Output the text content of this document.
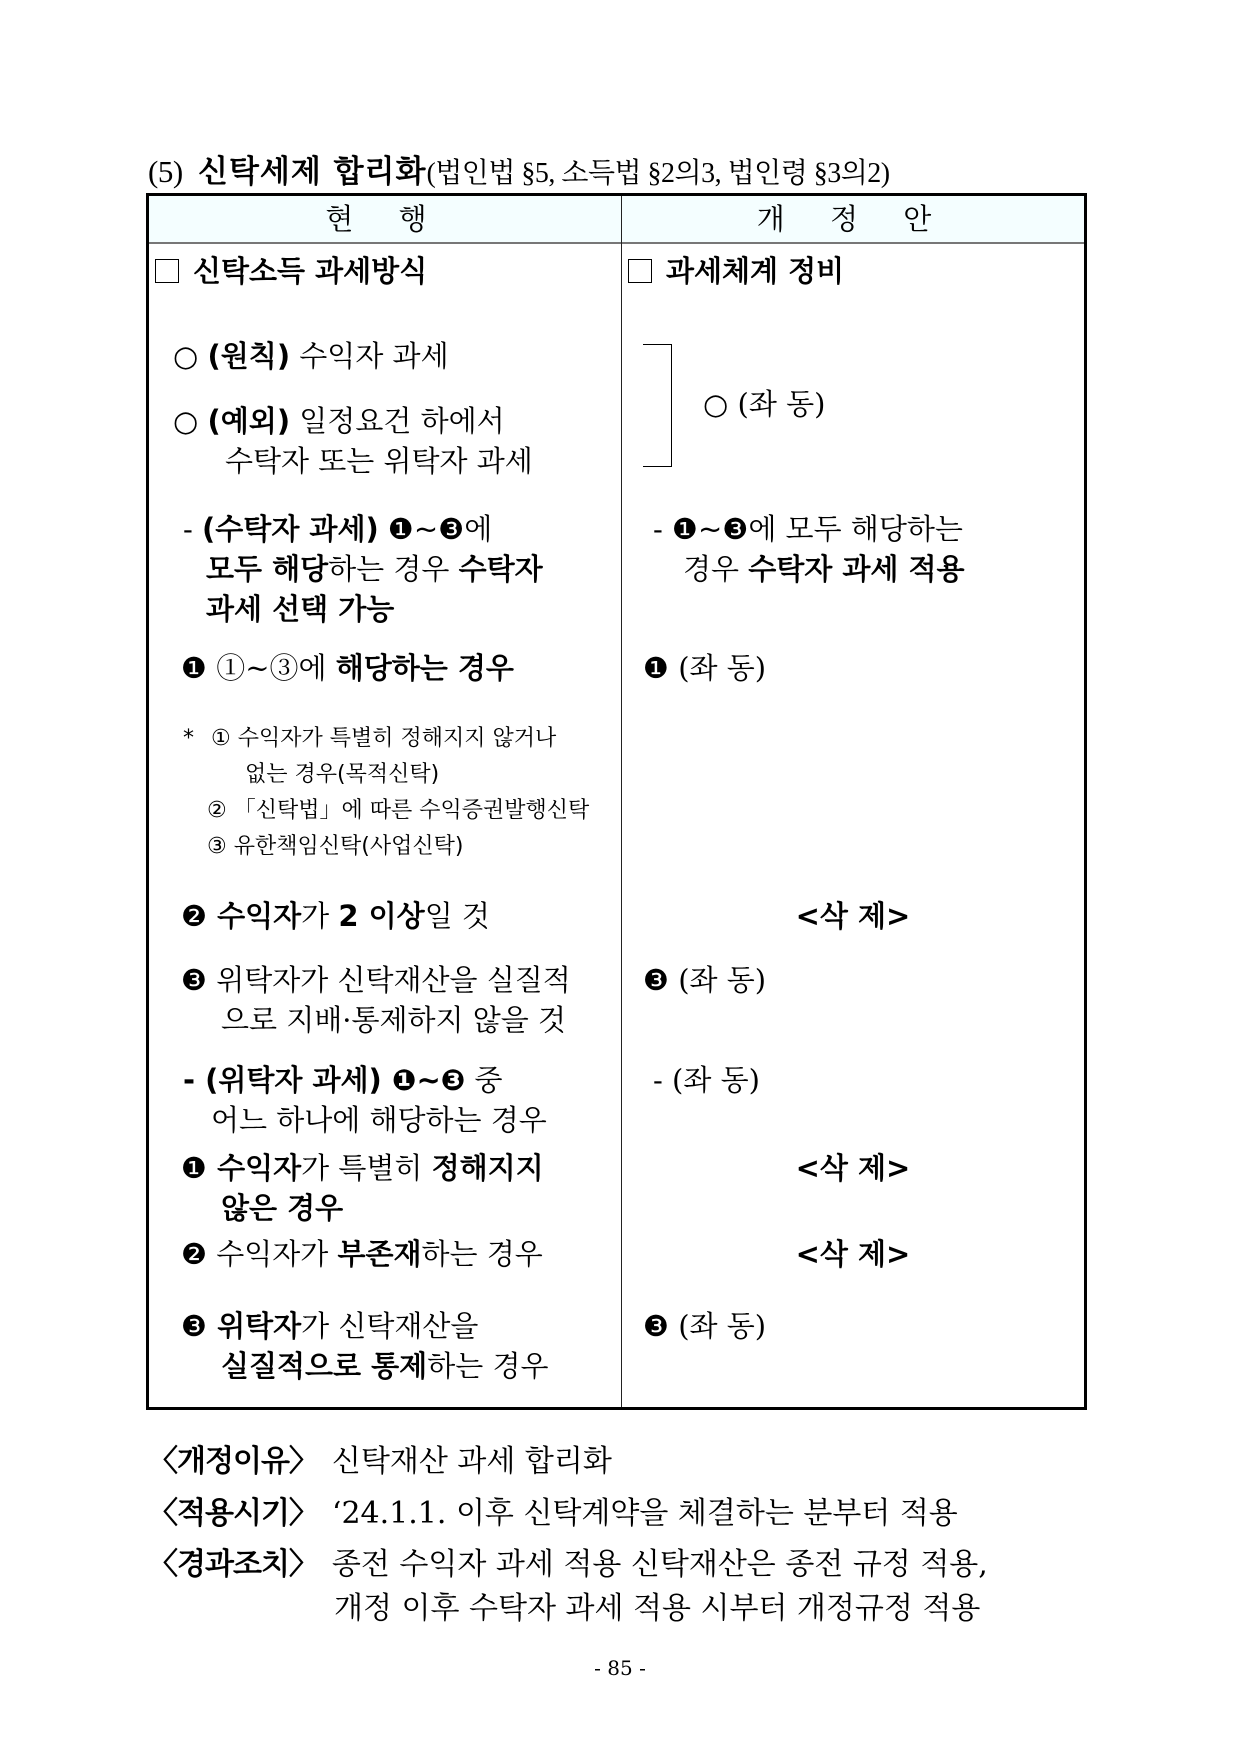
(5) 신탁세제 합리화(법인법 §5, 소득법 §2의3, 법인령 §3의2)
현 행	개 정 안
신탁소득 과세방식
○ (원칙) 수익자 과세
○ (예외) 일정요건 하에서
수탁자 또는 위탁자 과세
- (수탁자 과세) ❶~❸에
모두 해당하는 경우 수탁자
과세 선택 가능
❶ ①~③에 해당하는 경우
* ① 수익자가 특별히 정해지지 않거나
없는 경우(목적신탁)
② 「신탁법」에 따른 수익증권발행신탁
③ 유한책임신탁(사업신탁)
❷ 수익자가 2 이상일 것
❸ 위탁자가 신탁재산을 실질적
으로 지배·통제하지 않을 것
- (위탁자 과세) ❶~❸ 중
어느 하나에 해당하는 경우
❶ 수익자가 특별히 정해지지
않은 경우
❷ 수익자가 부존재하는 경우
❸ 위탁자가 신탁재산을
실질적으로 통제하는 경우
과세체계 정비
○ (좌 동)
- ❶~❸에 모두 해당하는
경우 수탁자 과세 적용
❶ (좌 동)
<삭 제>
❸ (좌 동)
- (좌 동)
<삭 제>
<삭 제>
❸ (좌 동)
〈개정이유〉 신탁재산 과세 합리화
〈적용시기〉 ‘24.1.1. 이후 신탁계약을 체결하는 분부터 적용
〈경과조치〉 종전 수익자 과세 적용 신탁재산은 종전 규정 적용,
개정 이후 수탁자 과세 적용 시부터 개정규정 적용
- 85 -
